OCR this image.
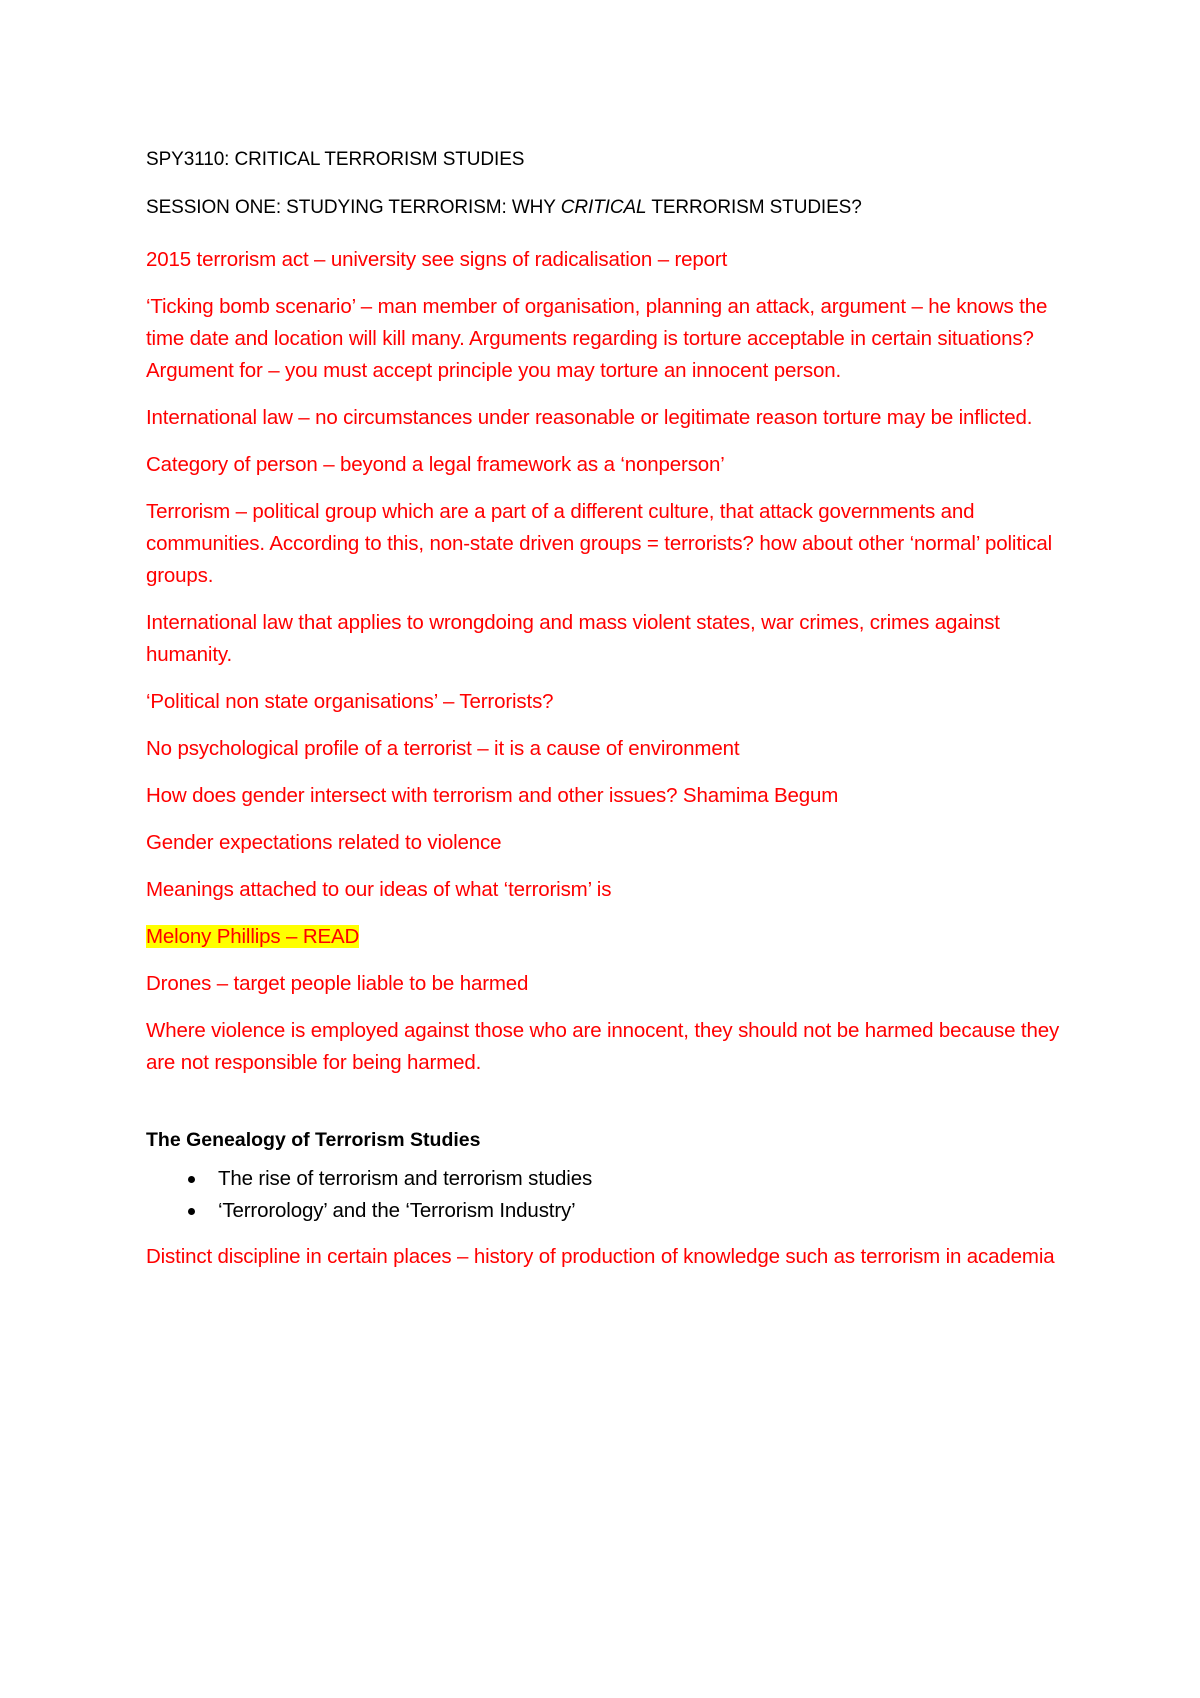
SPY3110: CRITICAL TERRORISM STUDIES

SESSION ONE: STUDYING TERRORISM: WHY CRITICAL TERRORISM STUDIES?

2015 terrorism act – university see signs of radicalisation – report

‘Ticking bomb scenario’ – man member of organisation, planning an attack, argument – he knows the time date and location will kill many. Arguments regarding is torture acceptable in certain situations? Argument for – you must accept principle you may torture an innocent person.

International law – no circumstances under reasonable or legitimate reason torture may be inflicted.

Category of person – beyond a legal framework as a ‘nonperson’

Terrorism – political group which are a part of a different culture, that attack governments and communities. According to this, non-state driven groups = terrorists? how about other ‘normal’ political groups.

International law that applies to wrongdoing and mass violent states, war crimes, crimes against humanity.

‘Political non state organisations’ – Terrorists?

No psychological profile of a terrorist – it is a cause of environment

How does gender intersect with terrorism and other issues? Shamima Begum

Gender expectations related to violence

Meanings attached to our ideas of what ‘terrorism’ is

Melony Phillips – READ

Drones – target people liable to be harmed

Where violence is employed against those who are innocent, they should not be harmed because they are not responsible for being harmed.

The Genealogy of Terrorism Studies

The rise of terrorism and terrorism studies
‘Terrorology’ and the ‘Terrorism Industry’

Distinct discipline in certain places – history of production of knowledge such as terrorism in academia
